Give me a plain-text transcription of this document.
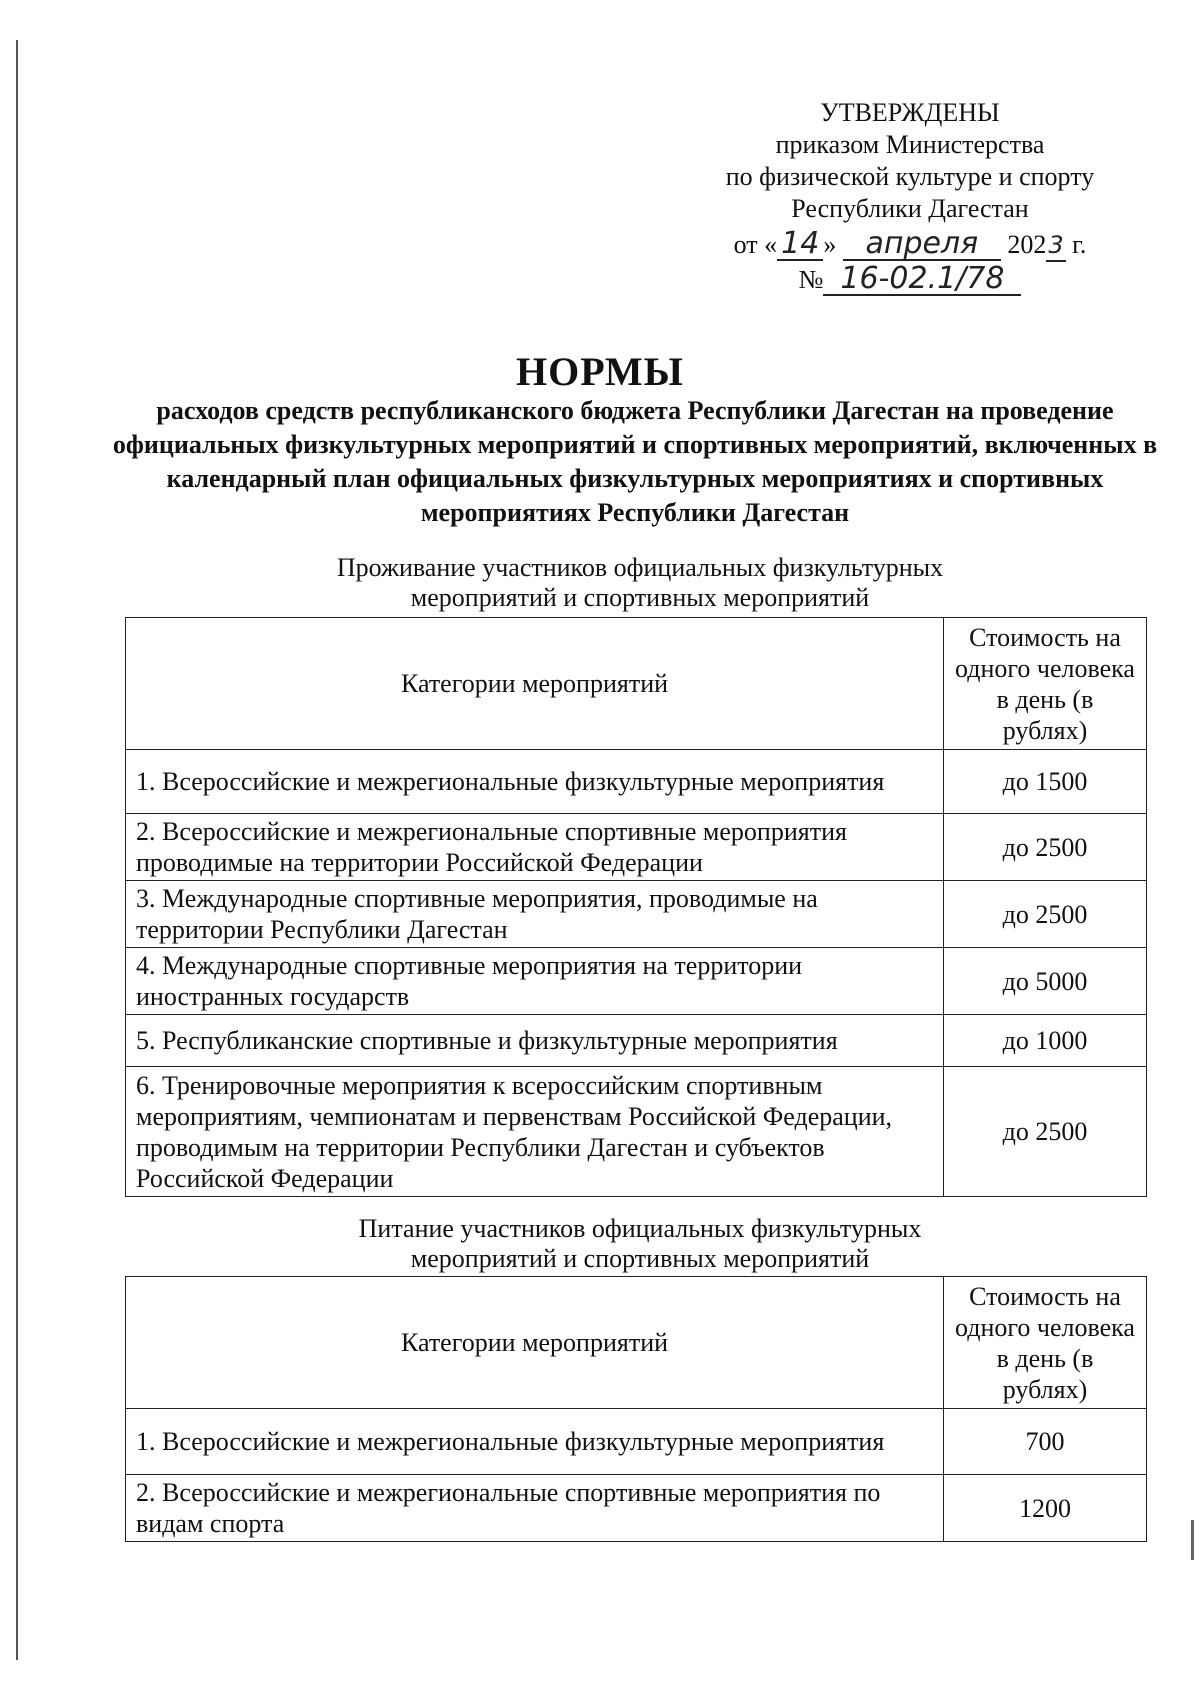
УТВЕРЖДЕНЫ
приказом Министерства
по физической культуре и спорту
Республики Дагестан
от « 14 » апреля 2023 г.
№ 16-02.1/78
НОРМЫ
расходов средств республиканского бюджета Республики Дагестан на проведение официальных физкультурных мероприятий и спортивных мероприятий, включенных в календарный план официальных физкультурных мероприятиях и спортивных мероприятиях Республики Дагестан
Проживание участников официальных физкультурных
мероприятий и спортивных мероприятий
Категории мероприятий	Стоимость на одного человека в день (в рублях)
1. Всероссийские и межрегиональные физкультурные мероприятия	до 1500
2. Всероссийские и межрегиональные спортивные мероприятия проводимые на территории Российской Федерации	до 2500
3. Международные спортивные мероприятия, проводимые на территории Республики Дагестан	до 2500
4. Международные спортивные мероприятия на территории иностранных государств	до 5000
5. Республиканские спортивные и физкультурные мероприятия	до 1000
6. Тренировочные мероприятия к всероссийским спортивным мероприятиям, чемпионатам и первенствам Российской Федерации, проводимым на территории Республики Дагестан и субъектов Российской Федерации	до 2500
Питание участников официальных физкультурных
мероприятий и спортивных мероприятий
Категории мероприятий	Стоимость на одного человека в день (в рублях)
1. Всероссийские и межрегиональные физкультурные мероприятия	700
2. Всероссийские и межрегиональные спортивные мероприятия по видам спорта	1200
